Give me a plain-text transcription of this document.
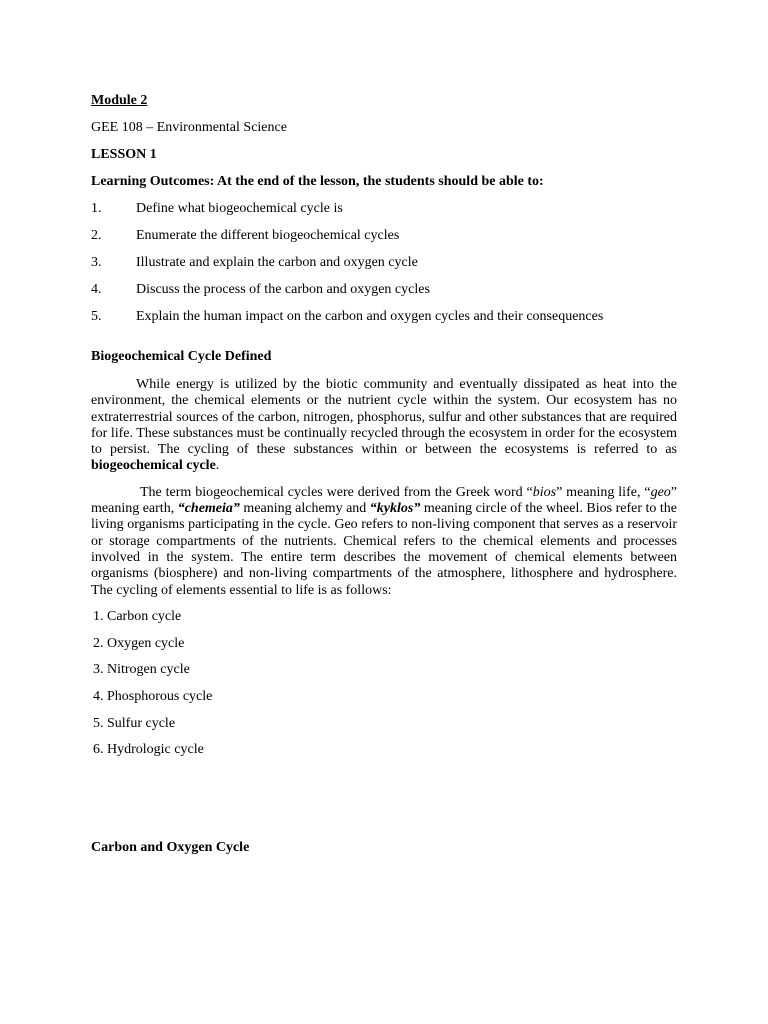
Module 2

GEE 108 – Environmental Science

LESSON 1

Learning Outcomes: At the end of the lesson, the students should be able to:

1.	Define what biogeochemical cycle is
2.	Enumerate the different biogeochemical cycles
3.	Illustrate and explain the carbon and oxygen cycle
4.	Discuss the process of the carbon and oxygen cycles
5.	Explain the human impact on the carbon and oxygen cycles and their consequences

Biogeochemical Cycle Defined

While energy is utilized by the biotic community and eventually dissipated as heat into the environment, the chemical elements or the nutrient cycle within the system. Our ecosystem has no extraterrestrial sources of the carbon, nitrogen, phosphorus, sulfur and other substances that are required for life. These substances must be continually recycled through the ecosystem in order for the ecosystem to persist. The cycling of these substances within or between the ecosystems is referred to as biogeochemical cycle.

The term biogeochemical cycles were derived from the Greek word “bios” meaning life, “geo” meaning earth, “chemeia” meaning alchemy and “kyklos” meaning circle of the wheel. Bios refer to the living organisms participating in the cycle. Geo refers to non-living component that serves as a reservoir or storage compartments of the nutrients. Chemical refers to the chemical elements and processes involved in the system. The entire term describes the movement of chemical elements between organisms (biosphere) and non-living compartments of the atmosphere, lithosphere and hydrosphere. The cycling of elements essential to life is as follows:

1. Carbon cycle
2. Oxygen cycle
3. Nitrogen cycle
4. Phosphorous cycle
5. Sulfur cycle
6. Hydrologic cycle

Carbon and Oxygen Cycle
